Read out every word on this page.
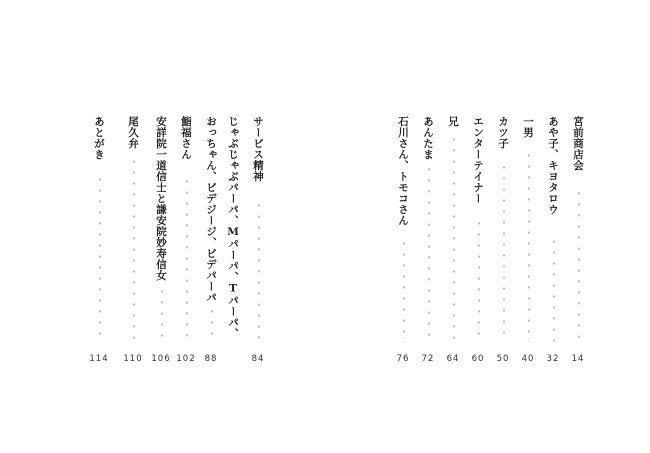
宮前商店会
14
あや子、キヨタロウ
32
一男
40
カツ子
50
エンターテイナー
60
兄
64
あんたま
72
石川さん、トモコさん
76
サービス精神
84
じゃぶじゃぶパーパ、Mパーパ、Tパーパ、
おっちゃん、ビデジージ、ビデパーパ
88
鮨福さん
102
安詳院一道信士と謙安院妙寿信女
106
尾久弁
110
あとがき
114
